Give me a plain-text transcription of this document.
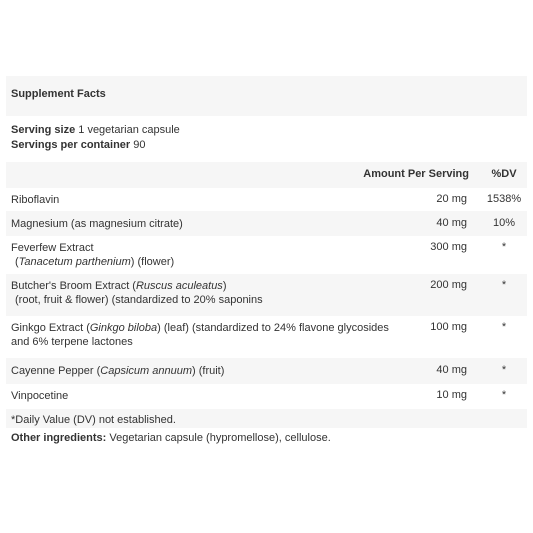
Supplement Facts
Serving size 1 vegetarian capsule
Servings per container 90
Amount Per Serving	%DV
Riboflavin	20 mg	1538%
Magnesium (as magnesium citrate)	40 mg	10%
Feverfew Extract
(Tanacetum parthenium) (flower)
300 mg	*
Butcher's Broom Extract (Ruscus aculeatus)
(root, fruit & flower) (standardized to 20% saponins
200 mg	*
Ginkgo Extract (Ginkgo biloba) (leaf) (standardized to 24% flavone glycosides
and 6% terpene lactones
100 mg	*
Cayenne Pepper (Capsicum annuum) (fruit)	40 mg	*
Vinpocetine	10 mg	*
*Daily Value (DV) not established.
Other ingredients: Vegetarian capsule (hypromellose), cellulose.
